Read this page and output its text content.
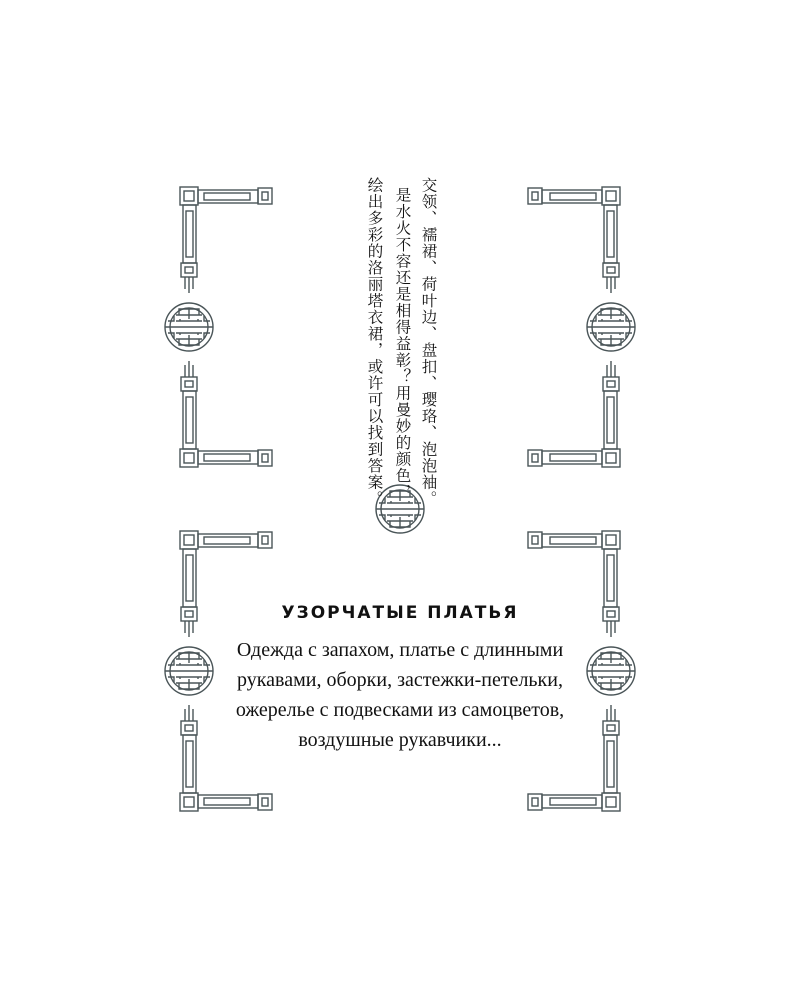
交领、襦裙、荷叶边、盘扣、璎珞、泡泡袖。
是水火不容还是相得益彰？用曼妙的颜色，
绘出多彩的洛丽塔衣裙，或许可以找到答案。
УЗОРЧАТЫЕ ПЛАТЬЯ
Одежда с запахом, платье с длинными
рукавами, оборки, застежки-петельки,
ожерелье с подвесками из самоцветов,
воздушные рукавчики...
